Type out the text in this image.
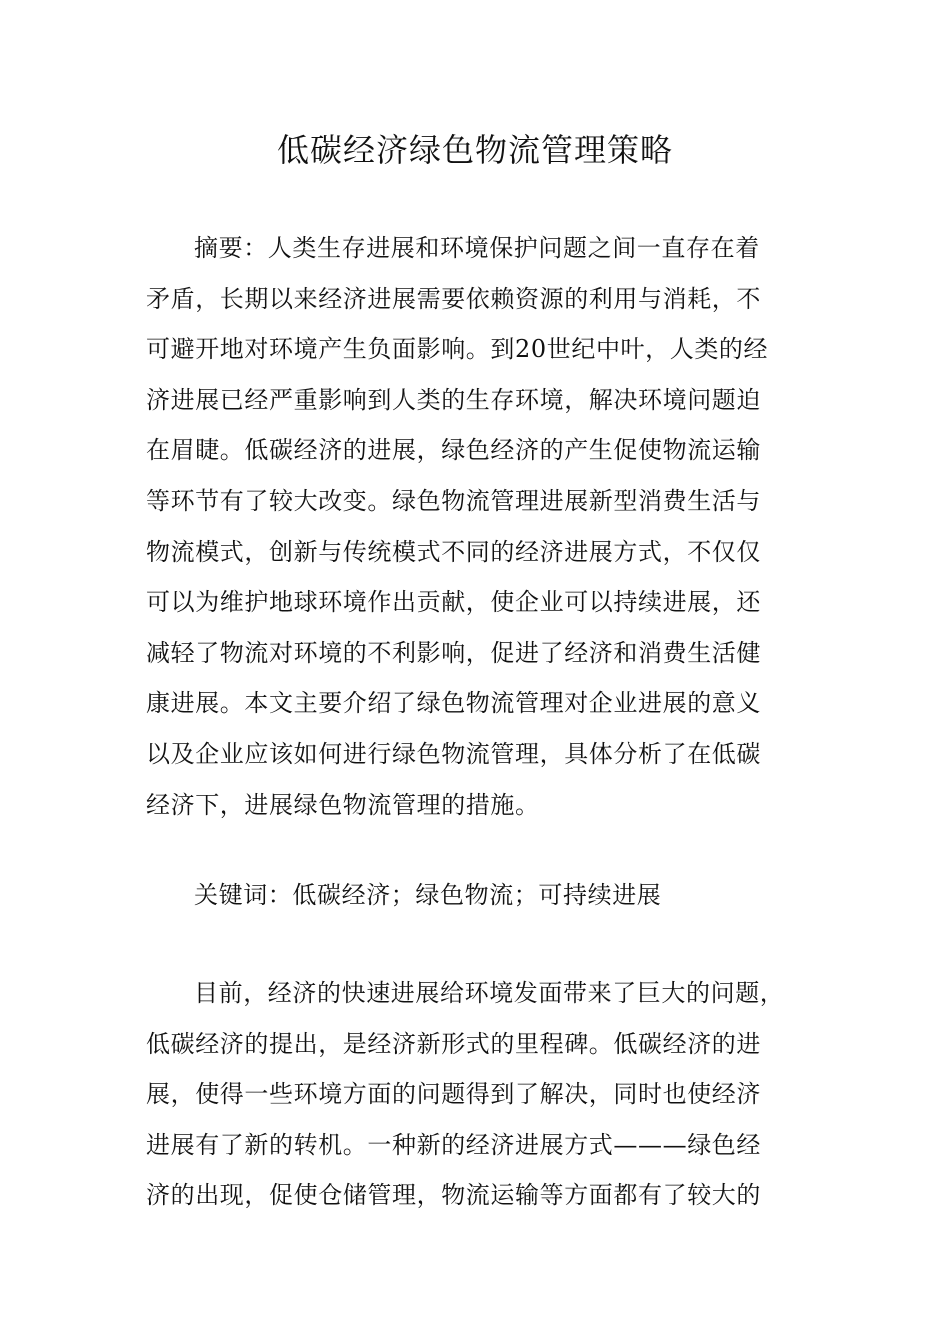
低碳经济绿色物流管理策略
摘要：人类生存进展和环境保护问题之间一直存在着
矛盾，长期以来经济进展需要依赖资源的利用与消耗，不
可避开地对环境产生负面影响。到20世纪中叶，人类的经
济进展已经严重影响到人类的生存环境，解决环境问题迫
在眉睫。低碳经济的进展，绿色经济的产生促使物流运输
等环节有了较大改变。绿色物流管理进展新型消费生活与
物流模式，创新与传统模式不同的经济进展方式，不仅仅
可以为维护地球环境作出贡献，使企业可以持续进展，还
减轻了物流对环境的不利影响，促进了经济和消费生活健
康进展。本文主要介绍了绿色物流管理对企业进展的意义
以及企业应该如何进行绿色物流管理，具体分析了在低碳
经济下，进展绿色物流管理的措施。
关键词：低碳经济；绿色物流；可持续进展
目前，经济的快速进展给环境发面带来了巨大的问题，
低碳经济的提出，是经济新形式的里程碑。低碳经济的进
展，使得一些环境方面的问题得到了解决，同时也使经济
进展有了新的转机。一种新的经济进展方式———绿色经
济的出现，促使仓储管理，物流运输等方面都有了较大的
